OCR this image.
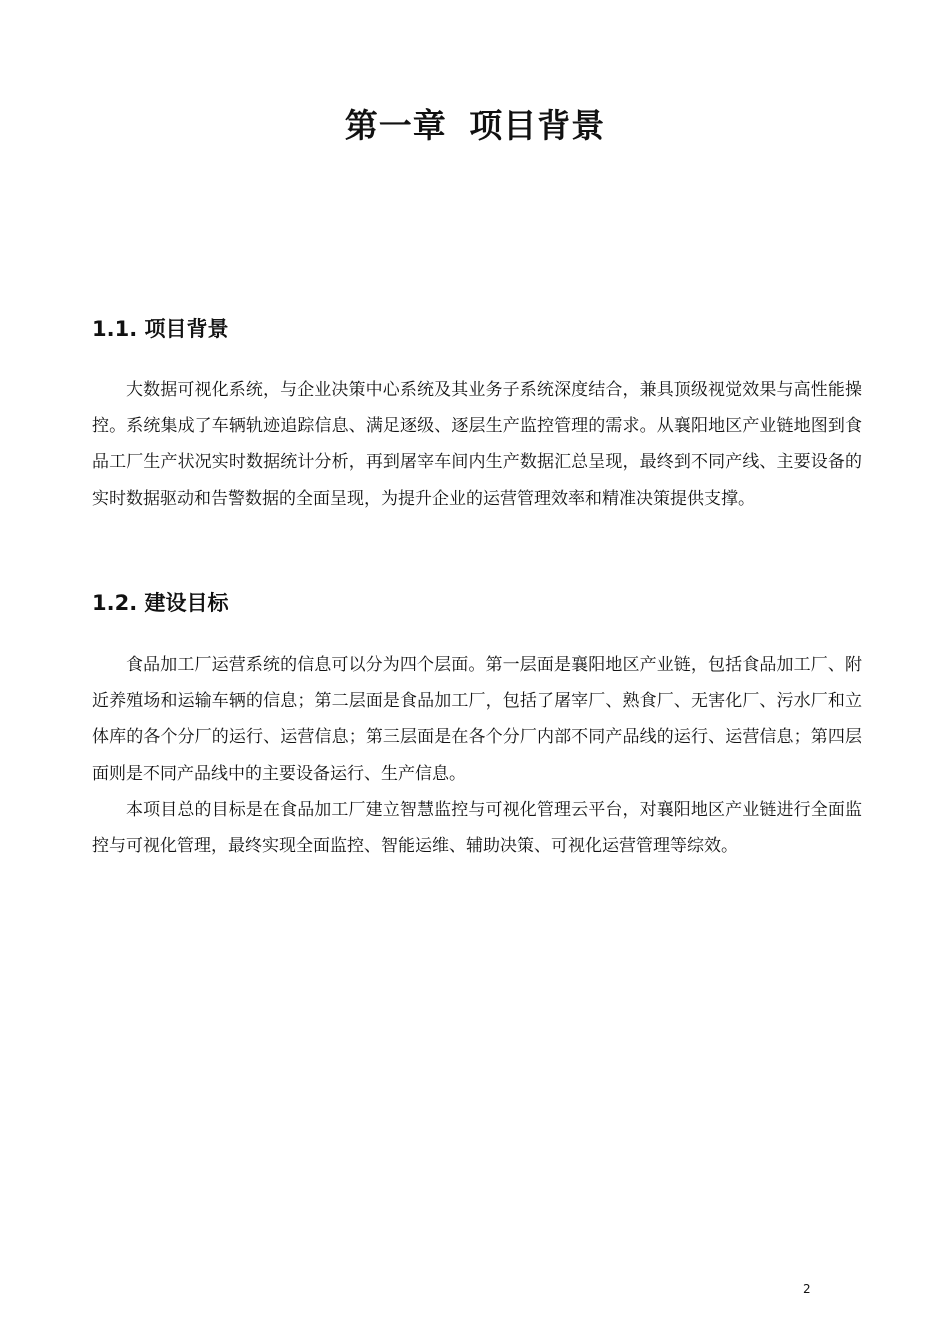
第一章 项目背景
1.1. 项目背景

大数据可视化系统，与企业决策中心系统及其业务子系统深度结合，兼具顶级视觉效果与高性能操控。系统集成了车辆轨迹追踪信息、满足逐级、逐层生产监控管理的需求。从襄阳地区产业链地图到食品工厂生产状况实时数据统计分析，再到屠宰车间内生产数据汇总呈现，最终到不同产线、主要设备的实时数据驱动和告警数据的全面呈现，为提升企业的运营管理效率和精准决策提供支撑。

1.2. 建设目标

食品加工厂运营系统的信息可以分为四个层面。第一层面是襄阳地区产业链，包括食品加工厂、附近养殖场和运输车辆的信息；第二层面是食品加工厂，包括了屠宰厂、熟食厂、无害化厂、污水厂和立体库的各个分厂的运行、运营信息；第三层面是在各个分厂内部不同产品线的运行、运营信息；第四层面则是不同产品线中的主要设备运行、生产信息。

本项目总的目标是在食品加工厂建立智慧监控与可视化管理云平台，对襄阳地区产业链进行全面监控与可视化管理，最终实现全面监控、智能运维、辅助决策、可视化运营管理等综效。

2
